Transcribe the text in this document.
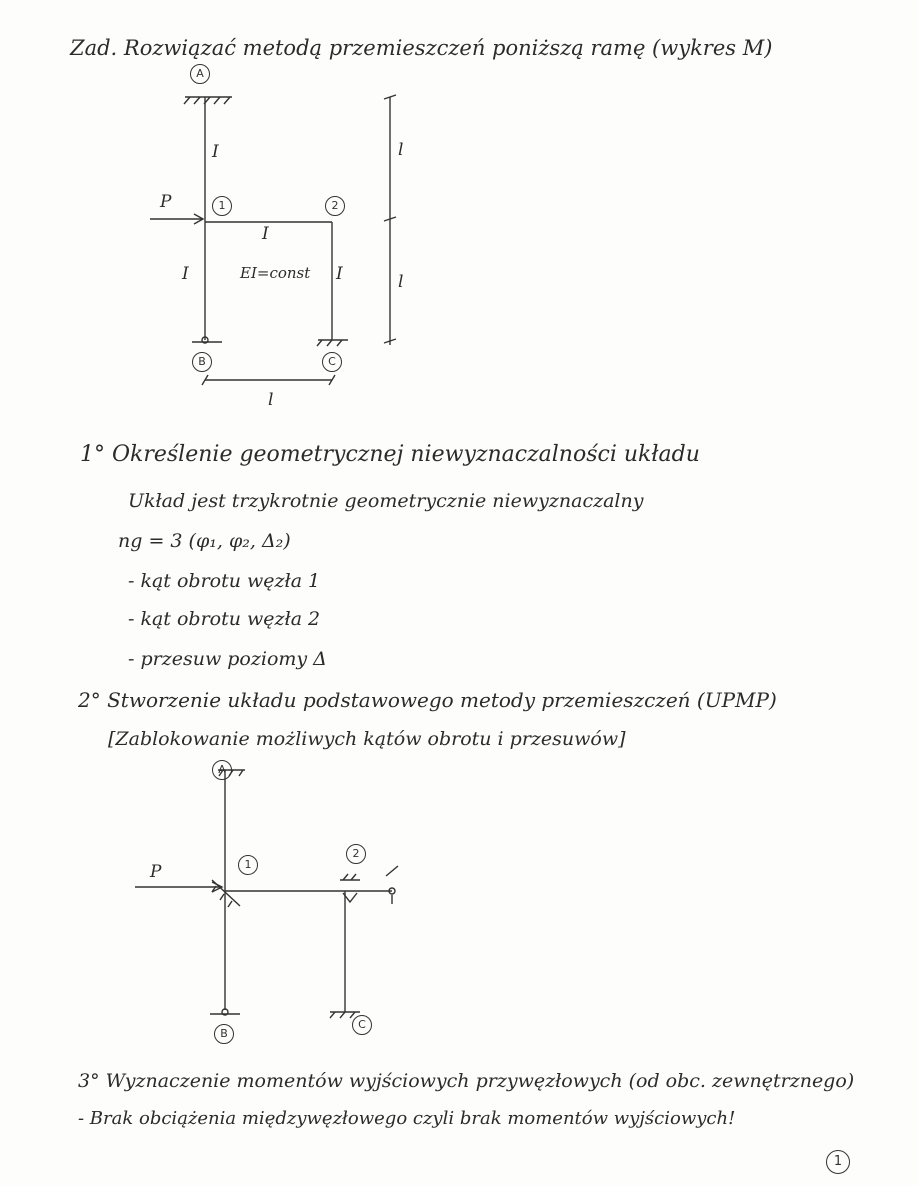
Zad. Rozwiązać metodą przemieszczeń poniższą ramę (wykres M)
A
1	2
B	C
P
I
I
I	I
EI=const
l
l
l
1° Określenie geometrycznej niewyznaczalności układu
Układ jest trzykrotnie geometrycznie niewyznaczalny
ng = 3 (φ₁, φ₂, Δ₂)
- kąt obrotu węzła 1
- kąt obrotu węzła 2
- przesuw poziomy Δ
2° Stworzenie układu podstawowego metody przemieszczeń (UPMP)
[Zablokowanie możliwych kątów obrotu i przesuwów]
A
1
2
B
C
P
3° Wyznaczenie momentów wyjściowych przywęzłowych (od obc. zewnętrznego)
- Brak obciążenia międzywęzłowego czyli brak momentów wyjściowych!
1
